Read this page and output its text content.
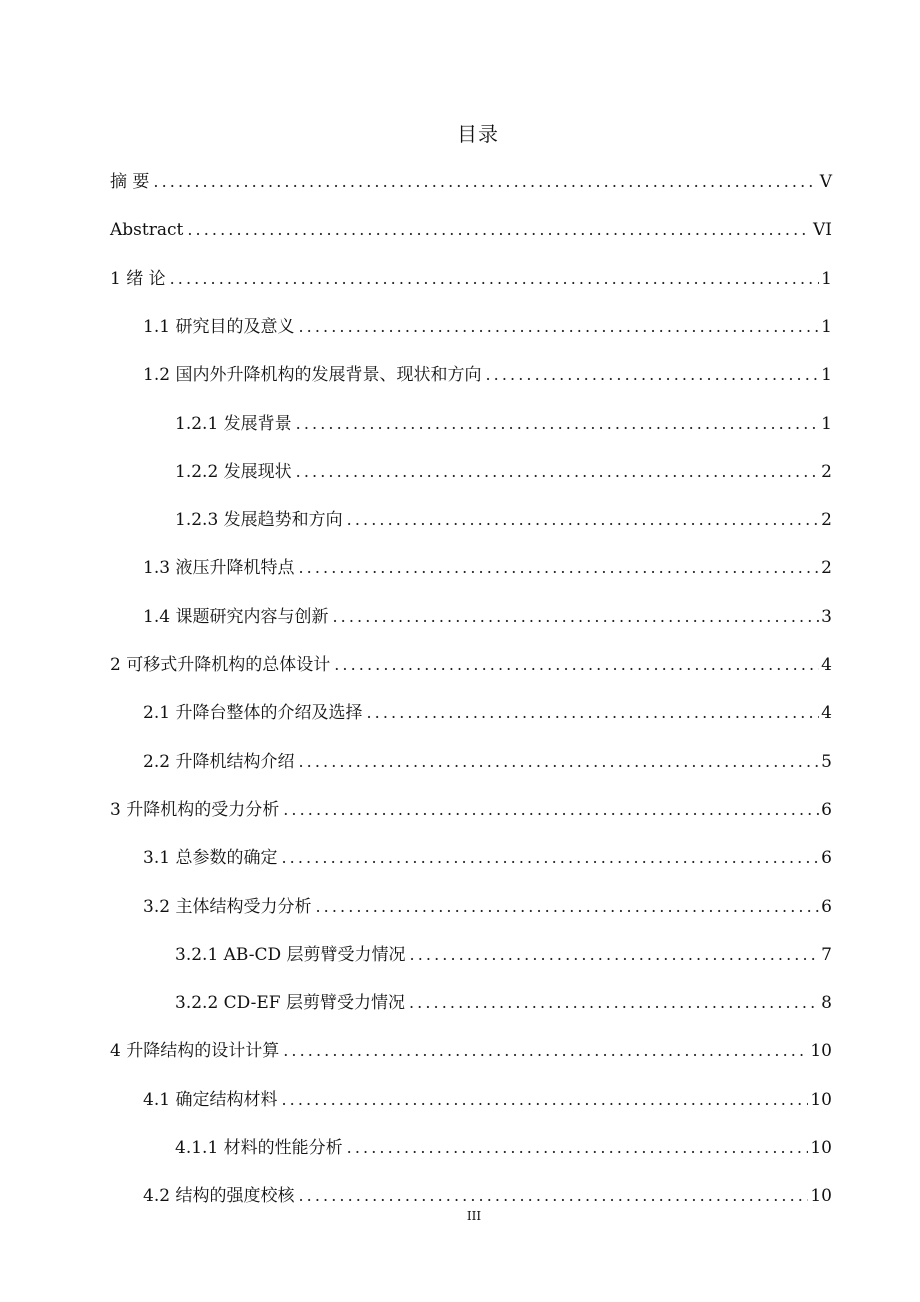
目录
摘 要 .....	V
Abstract .....	VI
1 绪 论 .....	1
1.1 研究目的及意义 .....	1
1.2 国内外升降机构的发展背景、现状和方向 .....	1
1.2.1 发展背景 .....	1
1.2.2 发展现状 .....	2
1.2.3 发展趋势和方向 .....	2
1.3 液压升降机特点 .....	2
1.4 课题研究内容与创新 .....	3
2 可移式升降机构的总体设计 .....	4
2.1 升降台整体的介绍及选择 .....	4
2.2 升降机结构介绍 .....	5
3 升降机构的受力分析 .....	6
3.1 总参数的确定 .....	6
3.2 主体结构受力分析 .....	6
3.2.1 AB-CD 层剪臂受力情况 .....	7
3.2.2 CD-EF 层剪臂受力情况 .....	8
4 升降结构的设计计算 .....	10
4.1 确定结构材料 .....	10
4.1.1 材料的性能分析 .....	10
4.2 结构的强度校核 .....	10
III
